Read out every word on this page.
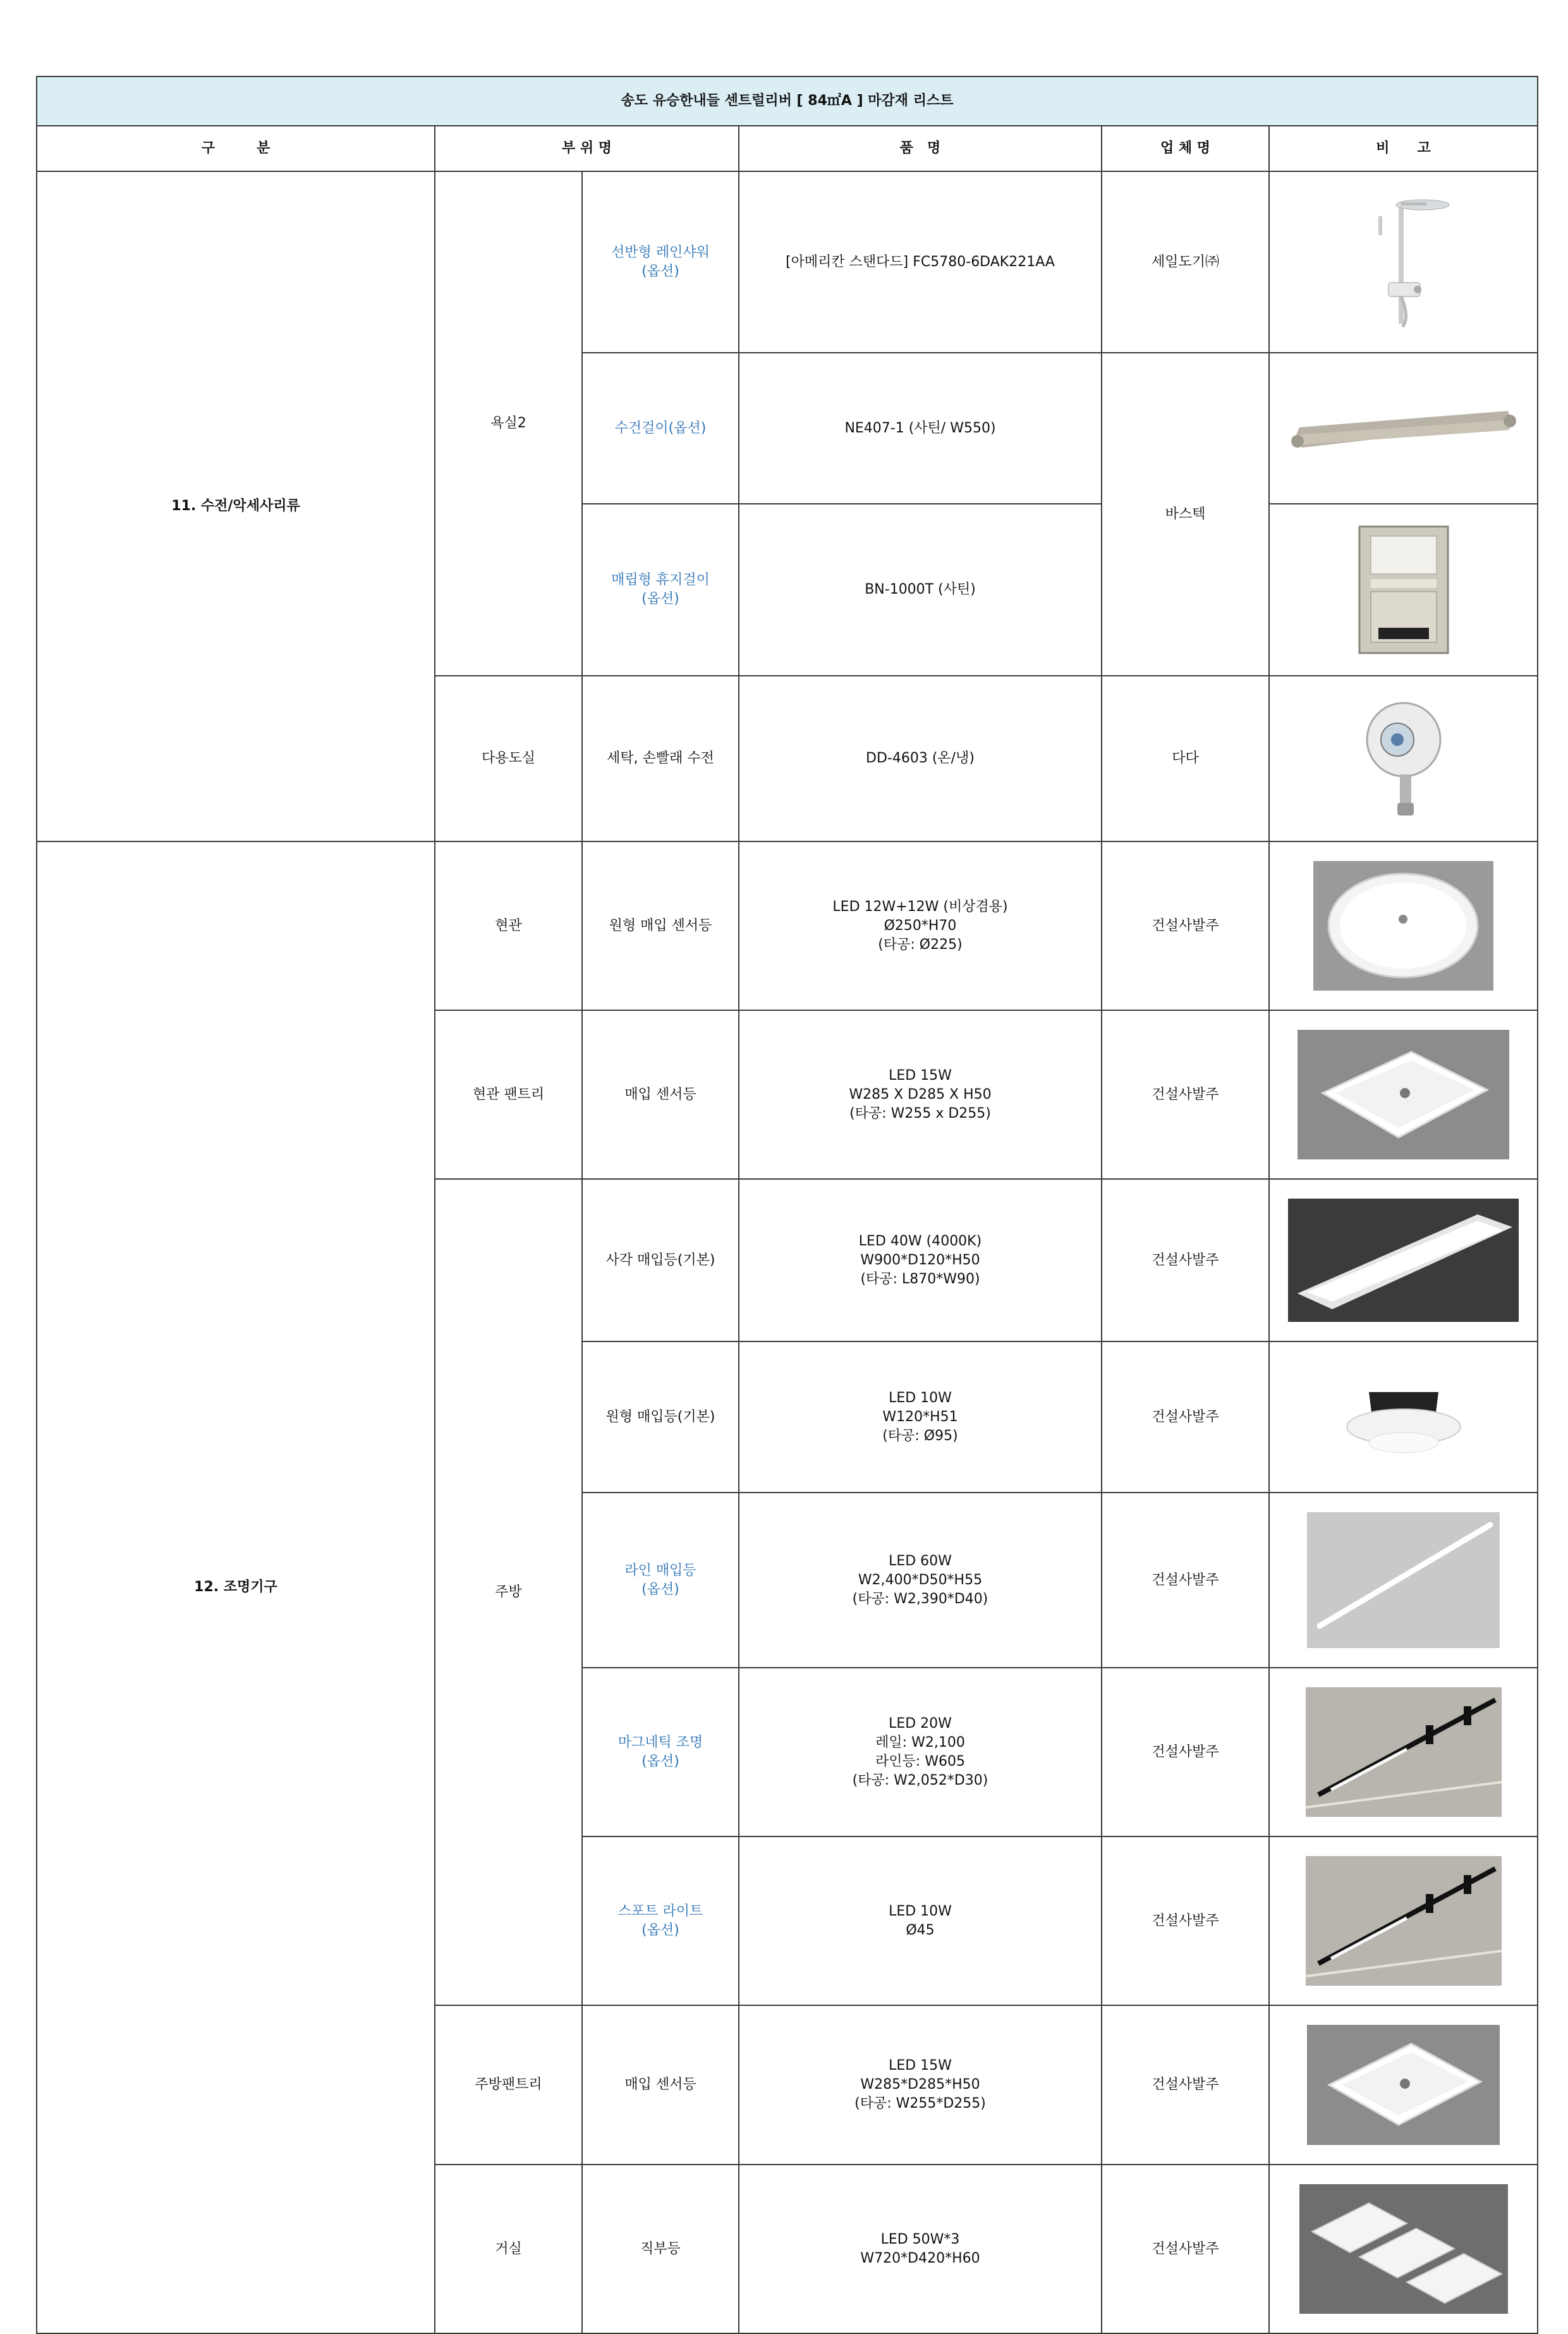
송도 유승한내들 센트럴리버 [ 84㎡A ] 마감재 리스트					
구　　　분	부 위 명		품　명	업 체 명	비　　고
11. 수전/악세사리류	욕실2	선반형 레인샤워
(옵션)	[아메리칸 스탠다드] FC5780-6DAK221AA	세일도기㈜	

		수건걸이(옵션)	NE407-1 (사틴/ W550)	바스텍	

		매립형 휴지걸이
(옵션)	BN-1000T (사틴)	

	다용도실	세탁, 손빨래 수전	DD-4603 (온/냉)	다다	

12. 조명기구	현관	원형 매입 센서등	LED 12W+12W (비상겸용)
Ø250*H70
(타공: Ø225)	건설사발주	

	현관 팬트리	매입 센서등	LED 15W
W285 X D285 X H50
(타공: W255 x D255)	건설사발주	

	주방	사각 매입등(기본)	LED 40W (4000K)
W900*D120*H50
(타공: L870*W90)	건설사발주	

		원형 매입등(기본)	LED 10W
W120*H51
(타공: Ø95)	건설사발주	

		라인 매입등
(옵션)	LED 60W
W2,400*D50*H55
(타공: W2,390*D40)	건설사발주	

		마그네틱 조명
(옵션)	LED 20W
레일: W2,100
라인등: W605
(타공: W2,052*D30)	건설사발주	

		스포트 라이트
(옵션)	LED 10W
Ø45	건설사발주	

	주방팬트리	매입 센서등	LED 15W
W285*D285*H50
(타공: W255*D255)	건설사발주	

	거실	직부등	LED 50W*3
W720*D420*H60	건설사발주	
